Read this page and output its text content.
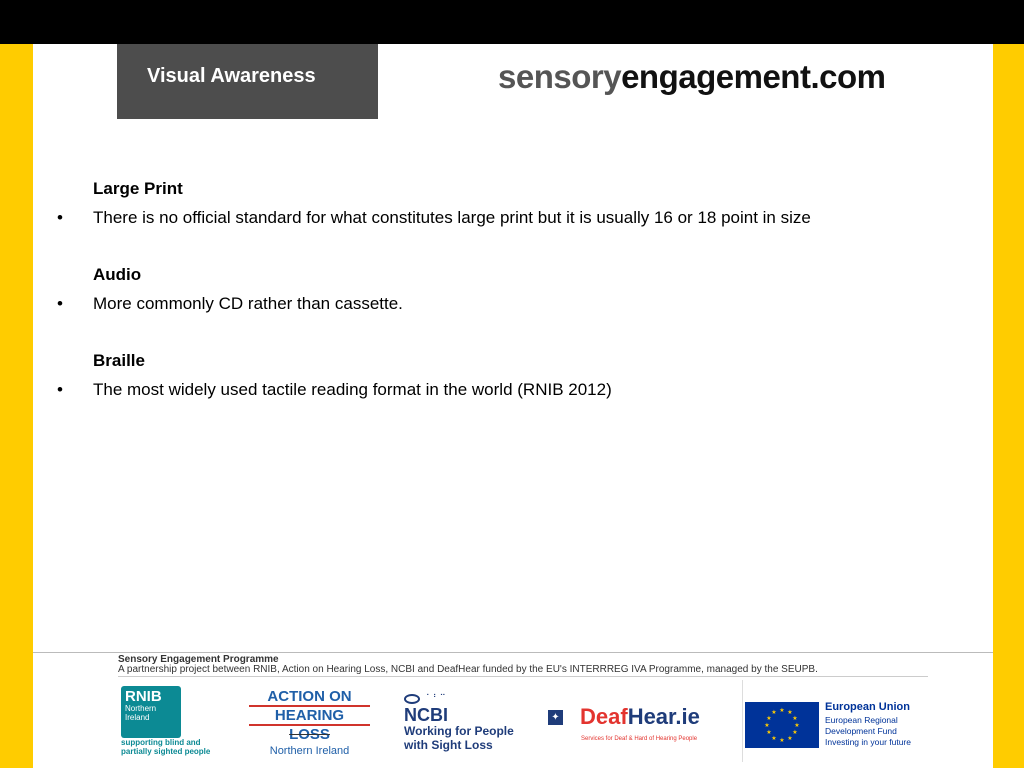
Visual Awareness	sensoryengagement.com
Large Print
• There is no official standard for what constitutes large print but it is usually 16 or 18 point in size
Audio
• More commonly CD rather than cassette.
Braille
• The most widely used tactile reading format in the world (RNIB 2012)
Sensory Engagement Programme
A partnership project between RNIB, Action on Hearing Loss, NCBI and DeafHear funded by the EU's INTERRREG IVA Programme, managed by the SEUPB.
RNIB
Northern
Ireland
supporting blind and partially sighted people
ACTION ON
HEARING
LOSS
Northern Ireland
⠁⠃⠉
NCBI
Working for People
with Sight Loss
✦ DeafHear.ie
Services for Deaf & Hard of Hearing People
★ ★
★
★
★
★
★
★
★
★
★
★	European Union
European Regional
Development Fund
Investing in your future
